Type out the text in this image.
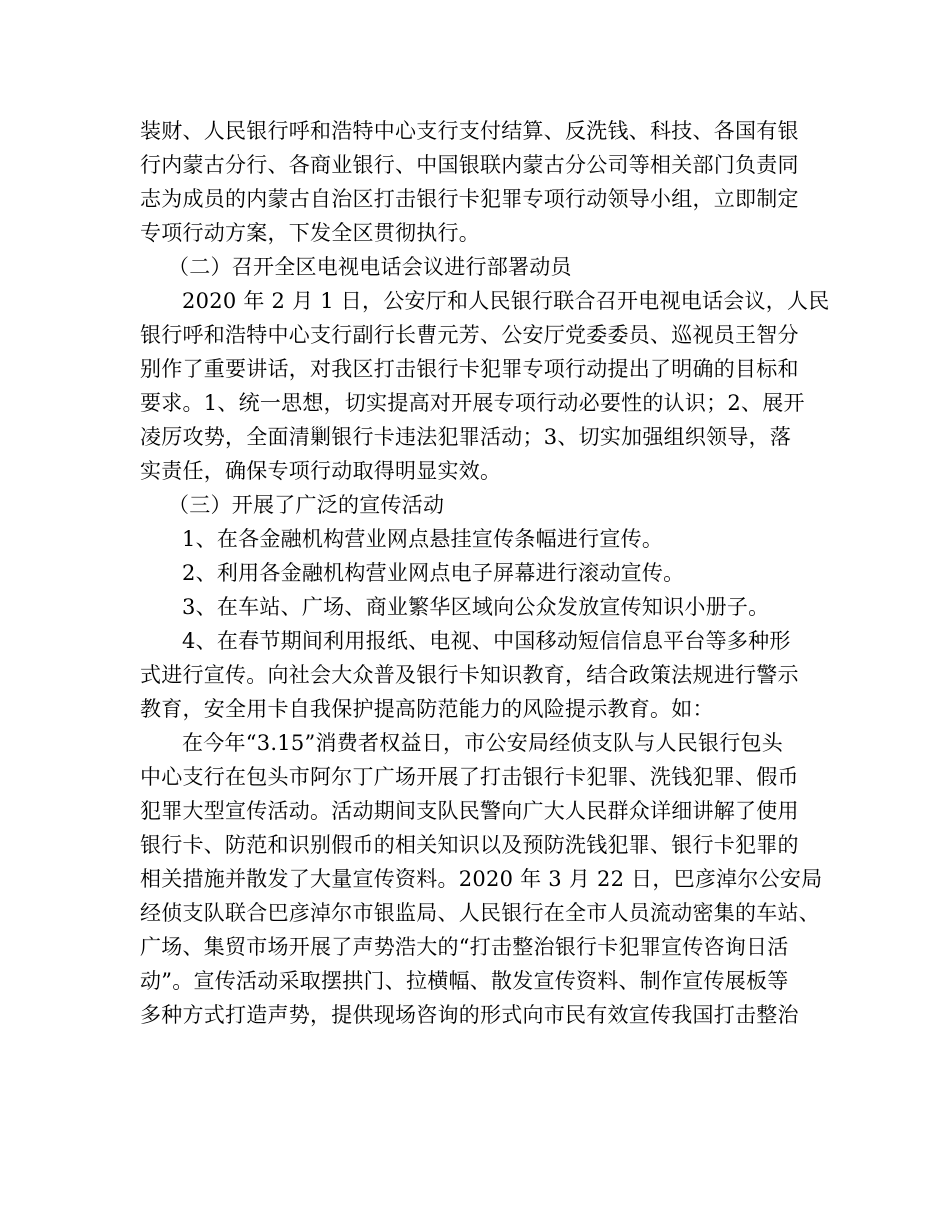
装财、人民银行呼和浩特中心支行支付结算、反洗钱、科技、各国有银
行内蒙古分行、各商业银行、中国银联内蒙古分公司等相关部门负责同
志为成员的内蒙古自治区打击银行卡犯罪专项行动领导小组，立即制定
专项行动方案，下发全区贯彻执行。
（二）召开全区电视电话会议进行部署动员
2020 年 2 月 1 日，公安厅和人民银行联合召开电视电话会议，人民
银行呼和浩特中心支行副行长曹元芳、公安厅党委委员、巡视员王智分
别作了重要讲话，对我区打击银行卡犯罪专项行动提出了明确的目标和
要求。1、统一思想，切实提高对开展专项行动必要性的认识；2、展开
凌厉攻势，全面清剿银行卡违法犯罪活动；3、切实加强组织领导，落
实责任，确保专项行动取得明显实效。
（三）开展了广泛的宣传活动
1、在各金融机构营业网点悬挂宣传条幅进行宣传。
2、利用各金融机构营业网点电子屏幕进行滚动宣传。
3、在车站、广场、商业繁华区域向公众发放宣传知识小册子。
4、在春节期间利用报纸、电视、中国移动短信信息平台等多种形
式进行宣传。向社会大众普及银行卡知识教育，结合政策法规进行警示
教育，安全用卡自我保护提高防范能力的风险提示教育。如：
在今年“3.15”消费者权益日，市公安局经侦支队与人民银行包头
中心支行在包头市阿尔丁广场开展了打击银行卡犯罪、洗钱犯罪、假币
犯罪大型宣传活动。活动期间支队民警向广大人民群众详细讲解了使用
银行卡、防范和识别假币的相关知识以及预防洗钱犯罪、银行卡犯罪的
相关措施并散发了大量宣传资料。2020 年 3 月 22 日，巴彦淖尔公安局
经侦支队联合巴彦淖尔市银监局、人民银行在全市人员流动密集的车站、
广场、集贸市场开展了声势浩大的“打击整治银行卡犯罪宣传咨询日活
动”。宣传活动采取摆拱门、拉横幅、散发宣传资料、制作宣传展板等
多种方式打造声势，提供现场咨询的形式向市民有效宣传我国打击整治
